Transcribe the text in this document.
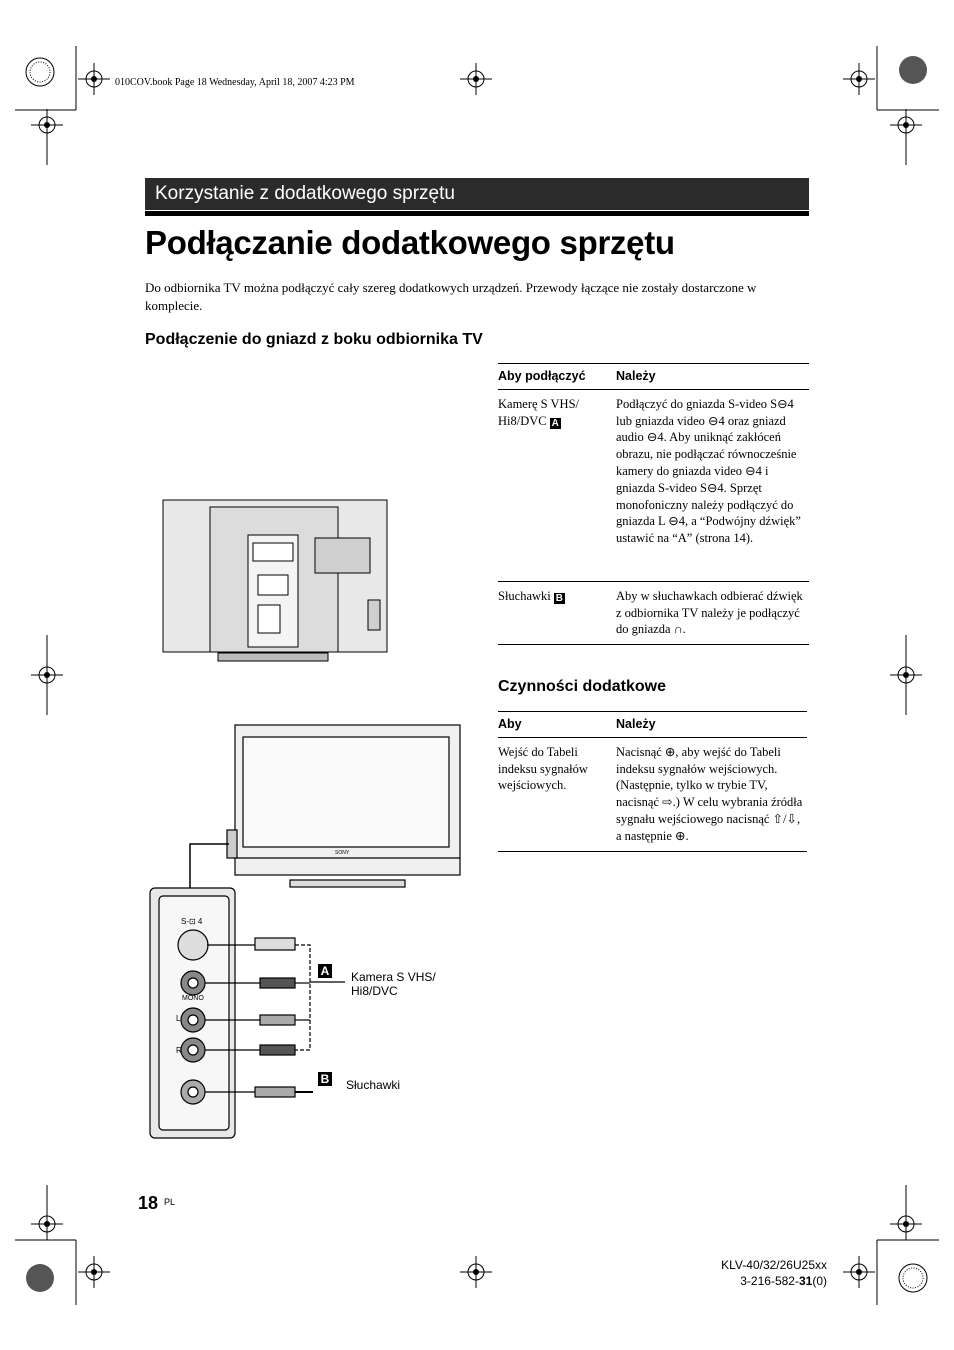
010COV.book Page 18 Wednesday, April 18, 2007 4:23 PM
Korzystanie z dodatkowego sprzętu
Podłączanie dodatkowego sprzętu
Do odbiornika TV można podłączyć cały szereg dodatkowych urządzeń. Przewody łączące nie zostały dostarczone w komplecie.
Podłączenie do gniazd z boku odbiornika TV
Aby podłączyć	Należy
Kamerę S VHS/ Hi8/DVC A	Podłączyć do gniazda S-video S⊖4 lub gniazda video ⊖4 oraz gniazd audio ⊖4. Aby uniknąć zakłóceń obrazu, nie podłączać równocześnie kamery do gniazda video ⊖4 i gniazda S-video S⊖4. Sprzęt monofoniczny należy podłączyć do gniazda L ⊖4, a “Podwójny dźwięk” ustawić na “A” (strona 14).
Słuchawki B	Aby w słuchawkach odbierać dźwięk z odbiornika TV należy je podłączyć do gniazda ∩.
Czynności dodatkowe
Aby	Należy
Wejść do Tabeli indeksu sygnałów wejściowych.	Nacisnąć ⊕, aby wejść do Tabeli indeksu sygnałów wejściowych. (Następnie, tylko w trybie TV, nacisnąć ⇨.) W celu wybrania źródła sygnału wejściowego nacisnąć ⇧/⇩, a następnie ⊕.
S-⊡ 4
MONO
L
R
SONY
A Kamera S VHS/
Hi8/DVC
B Słuchawki
18 PL
KLV-40/32/26U25xx
3-216-582-31(0)
